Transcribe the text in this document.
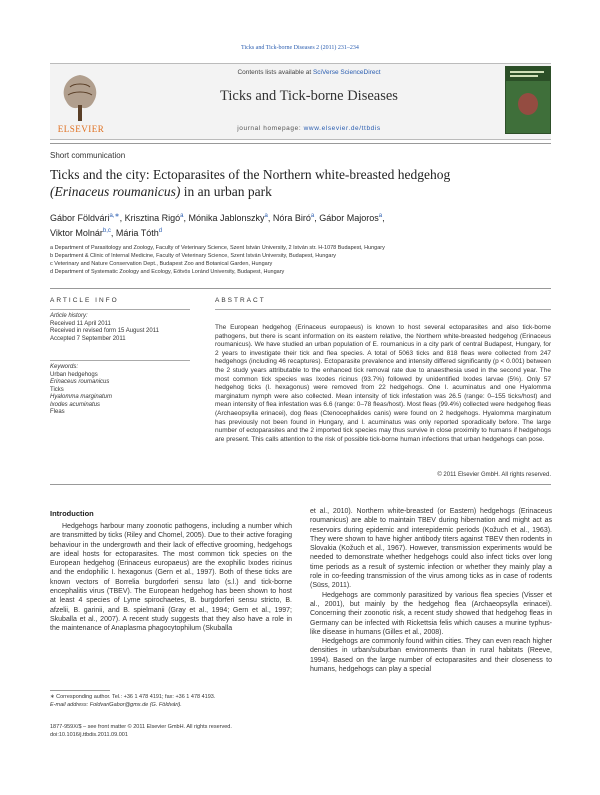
Ticks and Tick-borne Diseases 2 (2011) 231–234
ELSEVIER
Contents lists available at SciVerse ScienceDirect
Ticks and Tick-borne Diseases
journal homepage: www.elsevier.de/ttbdis
Short communication
Ticks and the city: Ectoparasites of the Northern white-breasted hedgehog
(Erinaceus roumanicus) in an urban park
Gábor Földvári$^{a,∗}$, Krisztina Rigó$^a$, Mónika Jablonszky$^a$, Nóra Biró$^a$, Gábor Majoros$^a$,
Viktor Molnár$^{b,c}$, Mária Tóth$^d$
a Department of Parasitology and Zoology, Faculty of Veterinary Science, Szent István University, 2 István str. H-1078 Budapest, Hungary
b Department & Clinic of Internal Medicine, Faculty of Veterinary Science, Szent István University, Budapest, Hungary
c Veterinary and Nature Conservation Dept., Budapest Zoo and Botanical Garden, Hungary
d Department of Systematic Zoology and Ecology, Eötvös Loránd University, Budapest, Hungary
ARTICLE INFO
Article history:
Received 11 April 2011
Received in revised form 15 August 2011
Accepted 7 September 2011
Keywords:
Urban hedgehogs
Erinaceus roumanicus
Ticks
Hyalomma marginatum
Ixodes acuminatus
Fleas
ABSTRACT
The European hedgehog (Erinaceus europaeus) is known to host several ectoparasites and also tick-borne pathogens, but there is scant information on its eastern relative, the Northern white-breasted hedgehog (Erinaceus roumanicus). We have studied an urban population of E. roumanicus in a city park of central Budapest, Hungary, for 2 years to investigate their tick and flea species. A total of 5063 ticks and 818 fleas were collected from 247 hedgehogs (including 46 recaptures). Ectoparasite prevalence and intensity differed significantly (p < 0.001) between the 2 study years attributable to the enhanced tick removal rate due to anaesthesia used in the second year. The most common tick species was Ixodes ricinus (93.7%) followed by unidentified Ixodes larvae (5%). Only 57 hedgehog ticks (I. hexagonus) were removed from 22 hedgehogs. One I. acuminatus and one Hyalomma marginatum nymph were also collected. Mean intensity of tick infestation was 26.5 (range: 0–155 ticks/host) and mean intensity of flea infestation was 6.6 (range: 0–78 fleas/host). Most fleas (99.4%) collected were hedgehog fleas (Archaeopsylla erinacei), dog fleas (Ctenocephalides canis) were found on 2 hedgehogs. Hyalomma marginatum has previously not been found in Hungary, and I. acuminatus was only reported sporadically before. The large number of ectoparasites and the 2 imported tick species may thus survive in close proximity to humans if hedgehogs are present. This calls attention to the risk of possible tick-borne human infections that urban hedgehogs can pose.
© 2011 Elsevier GmbH. All rights reserved.
Introduction

Hedgehogs harbour many zoonotic pathogens, including a number which are transmitted by ticks (Riley and Chomel, 2005). Due to their active foraging behaviour in the undergrowth and their lack of effective grooming, hedgehogs are ideal hosts for ectoparasites. The most common tick species on the European hedgehog (Erinaceus europaeus) are the exophilic Ixodes ricinus and the endophilic I. hexagonus (Gern et al., 1997). Both of these ticks are known vectors of Borrelia burgdorferi sensu lato (s.l.) and tick-borne encephalitis virus (TBEV). The European hedgehog has been shown to host at least 4 species of Lyme spirochaetes, B. burgdorferi sensu stricto, B. afzelii, B. garinii, and B. spielmanii (Gray et al., 1994; Gern et al., 1997; Skuballa et al., 2007). A recent study suggests that they also have a role in the maintenance of Anaplasma phagocytophilum (Skuballa

et al., 2010). Northern white-breasted (or Eastern) hedgehogs (Erinaceus roumanicus) are able to maintain TBEV during hibernation and might act as reservoirs during epidemic and interepidemic periods (Kožuch et al., 1963). They were shown to have higher antibody titers against TBEV then rodents in Slovakia (Kožuch et al., 1967). However, transmission experiments would be needed to demonstrate whether hedgehogs could also infect ticks over long time periods as a result of systemic infection or whether they mainly play a role in co-feeding transmission of the virus among ticks as in case of rodents (Süss, 2011).

Hedgehogs are commonly parasitized by various flea species (Visser et al., 2001), but mainly by the hedgehog flea (Archaeopsylla erinacei). Concerning their zoonotic risk, a recent study showed that hedgehog fleas in Germany can be infected with Rickettsia felis which causes a murine typhus-like disease in humans (Gilles et al., 2008).

Hedgehogs are commonly found within cities. They can even reach higher densities in urban/suburban environments than in rural habitats (Reeve, 1994). Based on the large number of ectoparasites and their closeness to humans, hedgehogs can play a special

∗ Corresponding author. Tel.: +36 1 478 4191; fax: +36 1 478 4193.
E-mail address: FoldvariGabor@gmx.de (G. Földvári).
1877-959X/$ – see front matter © 2011 Elsevier GmbH. All rights reserved.
doi:10.1016/j.ttbdis.2011.09.001
